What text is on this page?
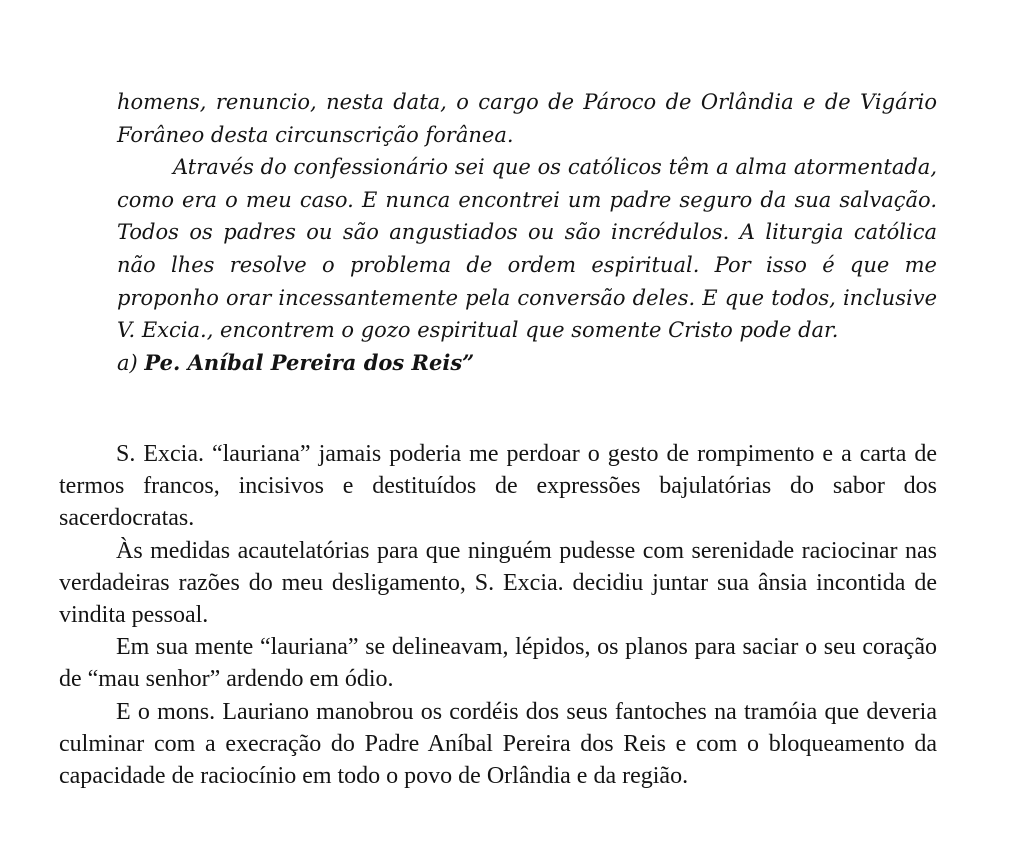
homens, renuncio, nesta data, o cargo de Pároco de Orlândia e de Vigário Forâneo desta circunscrição forânea.

Através do confessionário sei que os católicos têm a alma atormentada, como era o meu caso. E nunca encontrei um padre seguro da sua salvação. Todos os padres ou são angustiados ou são incrédulos. A liturgia católica não lhes resolve o problema de ordem espiritual. Por isso é que me proponho orar incessantemente pela conversão deles. E que todos, inclusive V. Excia., encontrem o gozo espiritual que somente Cristo pode dar.

a) Pe. Aníbal Pereira dos Reis”

S. Excia. “lauriana” jamais poderia me perdoar o gesto de rompimento e a carta de termos francos, incisivos e destituídos de expressões bajulatórias do sabor dos sacerdocratas.

Às medidas acautelatórias para que ninguém pudesse com serenidade raciocinar nas verdadeiras razões do meu desligamento, S. Excia. decidiu juntar sua ânsia incontida de vindita pessoal.

Em sua mente “lauriana” se delineavam, lépidos, os planos para saciar o seu coração de “mau senhor” ardendo em ódio.

E o mons. Lauriano manobrou os cordéis dos seus fantoches na tramóia que deveria culminar com a execração do Padre Aníbal Pereira dos Reis e com o bloqueamento da capacidade de raciocínio em todo o povo de Orlândia e da região.
